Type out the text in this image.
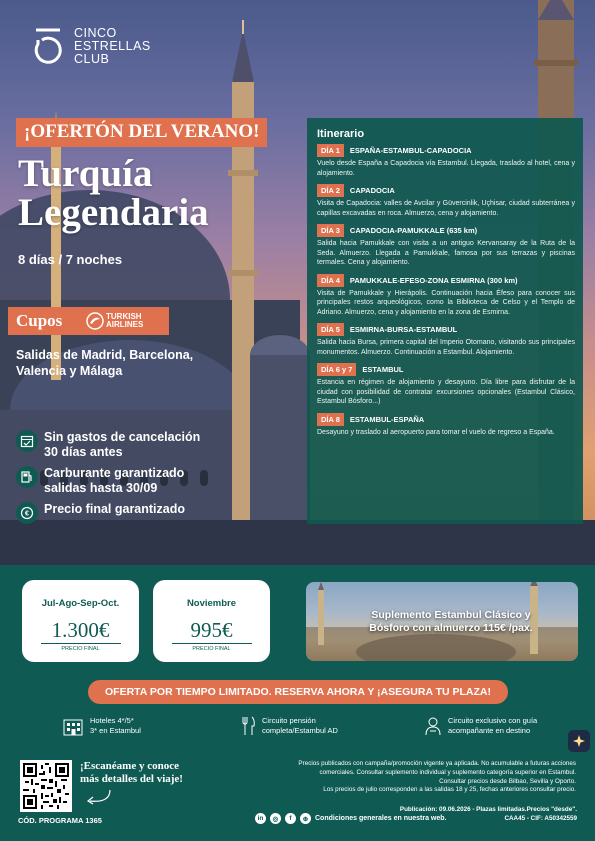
CINCO
ESTRELLAS
CLUB
¡OFERTÓN DEL VERANO!
Turquía
Legendaria
8 días / 7 noches
Cupos	TURKISH
AIRLINES
Salidas de Madrid, Barcelona, Valencia y Málaga
Sin gastos de cancelación
30 días antes
Carburante garantizado
salidas hasta 30/09
€ Precio final garantizado
Itinerario
DÍA 1	ESPAÑA-ESTAMBUL-CAPADOCIA
Vuelo desde España a Capadocia vía Estambul. Llegada, traslado al hotel, cena y alojamiento.
DÍA 2	CAPADOCIA
Visita de Capadocia: valles de Avcilar y Güvercinlik, Uçhisar, ciudad subterránea y capillas excavadas en roca. Almuerzo, cena y alojamiento.
DÍA 3	CAPADOCIA-PAMUKKALE (635 km)
Salida hacia Pamukkale con visita a un antiguo Kervansaray de la Ruta de la Seda. Almuerzo. Llegada a Pamukkale, famosa por sus terrazas y piscinas termales. Cena y alojamiento.
DÍA 4	PAMUKKALE-EFESO-ZONA ESMIRNA (300 km)
Visita de Pamukkale y Hierápolis. Continuación hacia Éfeso para conocer sus principales restos arqueológicos, como la Biblioteca de Celso y el Templo de Adriano. Almuerzo, cena y alojamiento en la zona de Esmirna.
DÍA 5	ESMIRNA-BURSA-ESTAMBUL
Salida hacia Bursa, primera capital del Imperio Otomano, visitando sus principales monumentos. Almuerzo. Continuación a Estambul. Alojamiento.
DÍA 6 y 7	ESTAMBUL
Estancia en régimen de alojamiento y desayuno. Día libre para disfrutar de la ciudad con posibilidad de contratar excursiones opcionales (Estambul Clásico, Estambul Bósforo...)
DÍA 8	ESTAMBUL-ESPAÑA
Desayuno y traslado al aeropuerto para tomar el vuelo de regreso a España.
Jul-Ago-Sep-Oct.
1.300€
PRECIO FINAL
Noviembre
995€
PRECIO FINAL
Suplemento Estambul Clásico y Bósforo con almuerzo 115€ /pax.
OFERTA POR TIEMPO LIMITADO. RESERVA AHORA Y ¡ASEGURA TU PLAZA!
Hoteles 4*/5*
3* en Estambul
Circuito pensión
completa/Estambul AD
Circuito exclusivo con guía
acompañante en destino
CÓD. PROGRAMA 1365
¡Escanéame y conoce
más detalles del viaje!
Precios publicados con campaña/promoción vigente ya aplicada. No acumulable a futuras acciones
comerciales. Consultar suplemento individual y suplemento categoría superior en Estambul.
Consultar precios desde Bilbao, Sevilla y Oporto.
Los precios de julio corresponden a las salidas 18 y 25, fechas anteriores consultar precio.
Publicación: 09.06.2026 - Plazas limitadas.Precios "desde".
in	◎	f	⊕ Condiciones generales en nuestra web.	CAA45 - CIF: A50342559
